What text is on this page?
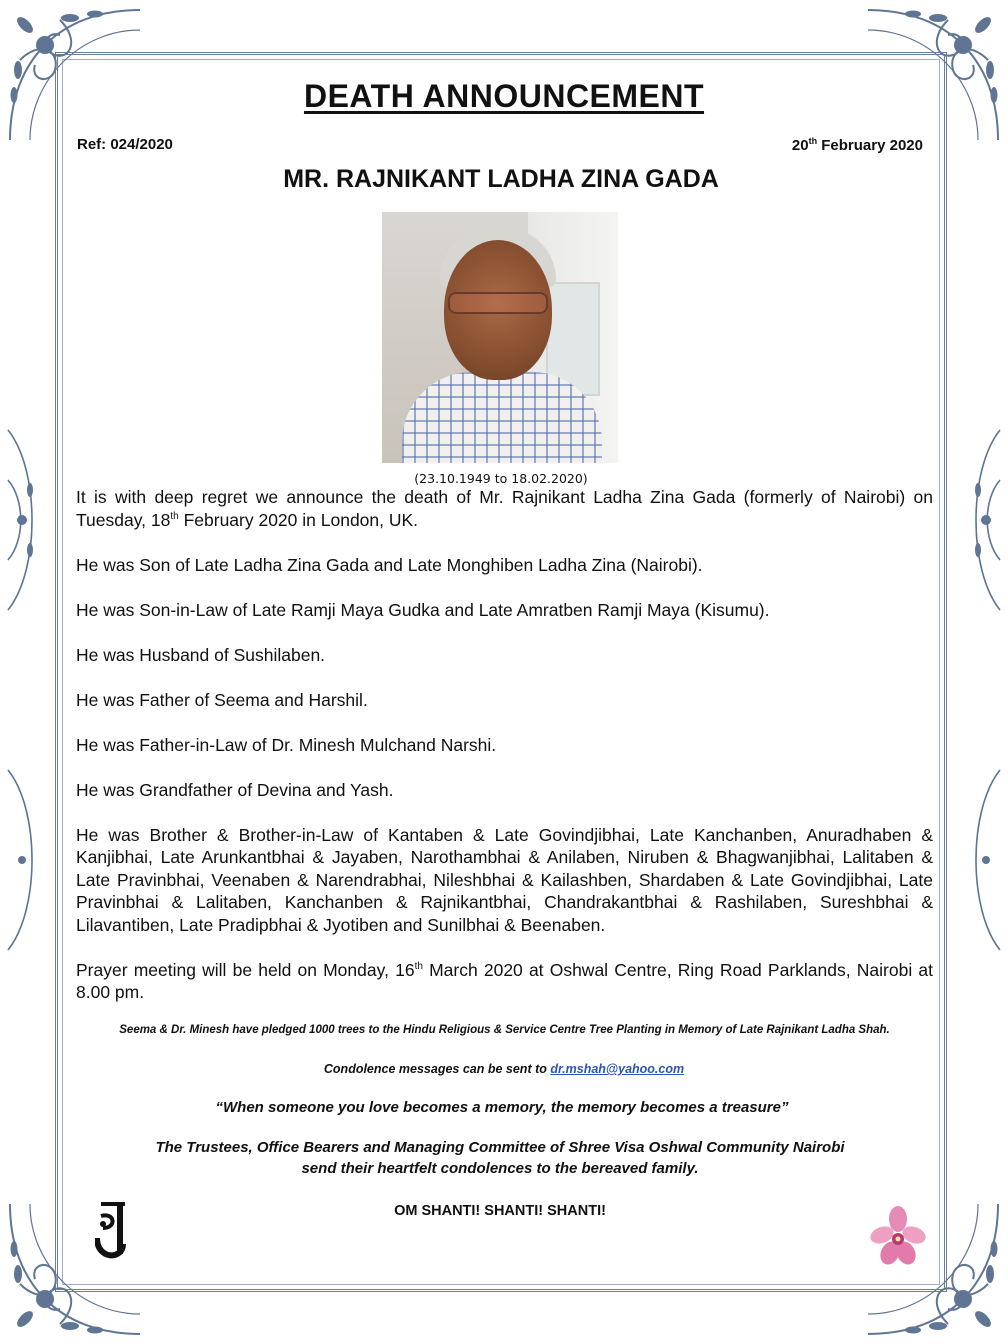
DEATH ANNOUNCEMENT
Ref: 024/2020	20th February 2020
MR. RAJNIKANT LADHA ZINA GADA
(23.10.1949 to 18.02.2020)

It is with deep regret we announce the death of Mr. Rajnikant Ladha Zina Gada (formerly of Nairobi) on Tuesday, 18th February 2020 in London, UK.

He was Son of Late Ladha Zina Gada and Late Monghiben Ladha Zina (Nairobi).

He was Son-in-Law of Late Ramji Maya Gudka and Late Amratben Ramji Maya (Kisumu).

He was Husband of Sushilaben.

He was Father of Seema and Harshil.

He was Father-in-Law of Dr. Minesh Mulchand Narshi.

He was Grandfather of Devina and Yash.

He was Brother & Brother-in-Law of Kantaben & Late Govindjibhai, Late Kanchanben, Anuradhaben & Kanjibhai, Late Arunkantbhai & Jayaben, Narothambhai & Anilaben, Niruben & Bhagwanjibhai, Lalitaben & Late Pravinbhai, Veenaben & Narendrabhai, Nileshbhai & Kailashben, Shardaben & Late Govindjibhai, Late Pravinbhai & Lalitaben, Kanchanben & Rajnikantbhai, Chandrakantbhai & Rashilaben, Sureshbhai & Lilavantiben, Late Pradipbhai & Jyotiben and Sunilbhai & Beenaben.

Prayer meeting will be held on Monday, 16th March 2020 at Oshwal Centre, Ring Road Parklands, Nairobi at 8.00 pm.

Seema & Dr. Minesh have pledged 1000 trees to the Hindu Religious & Service Centre Tree Planting in Memory of Late Rajnikant Ladha Shah.
Condolence messages can be sent to dr.mshah@yahoo.com
“When someone you love becomes a memory, the memory becomes a treasure”
The Trustees, Office Bearers and Managing Committee of Shree Visa Oshwal Community Nairobi
send their heartfelt condolences to the bereaved family.
OM SHANTI! SHANTI! SHANTI!
